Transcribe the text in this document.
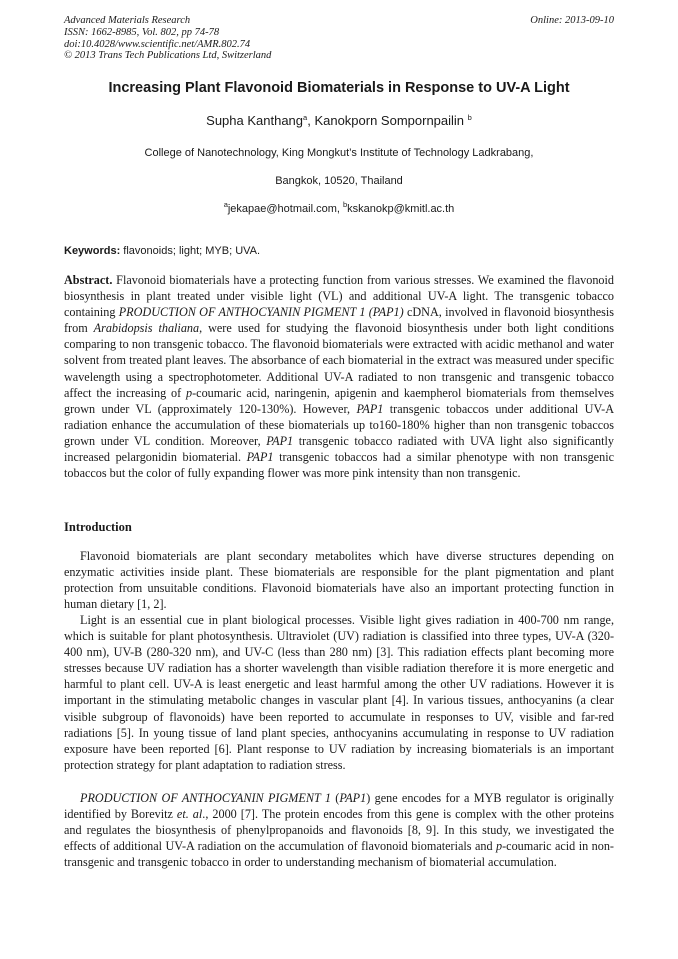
Advanced Materials Research
ISSN: 1662-8985, Vol. 802, pp 74-78
doi:10.4028/www.scientific.net/AMR.802.74
© 2013 Trans Tech Publications Ltd, Switzerland
Online: 2013-09-10
Increasing Plant Flavonoid Biomaterials in Response to UV-A Light
Supha Kanthang$^a$, Kanokporn Sompornpailin $^b$
College of Nanotechnology, King Mongkut’s Institute of Technology Ladkrabang,
Bangkok, 10520, Thailand
$^a$jekapae@hotmail.com, $^b$kskanokp@kmitl.ac.th
Keywords: flavonoids; light; MYB; UVA.

Abstract. Flavonoid biomaterials have a protecting function from various stresses. We examined the flavonoid biosynthesis in plant treated under visible light (VL) and additional UV-A light. The transgenic tobacco containing PRODUCTION OF ANTHOCYANIN PIGMENT 1 (PAP1) cDNA, involved in flavonoid biosynthesis from Arabidopsis thaliana, were used for studying the flavonoid biosynthesis under both light conditions comparing to non transgenic tobacco. The flavonoid biomaterials were extracted with acidic methanol and water solvent from treated plant leaves. The absorbance of each biomaterial in the extract was measured under specific wavelength using a spectrophotometer. Additional UV-A radiated to non transgenic and transgenic tobacco affect the increasing of p-coumaric acid, naringenin, apigenin and kaempherol biomaterials from themselves grown under VL (approximately 120-130%). However, PAP1 transgenic tobaccos under additional UV-A radiation enhance the accumulation of these biomaterials up to160-180% higher than non transgenic tobaccos grown under VL condition. Moreover, PAP1 transgenic tobacco radiated with UVA light also significantly increased pelargonidin biomaterial. PAP1 transgenic tobaccos had a similar phenotype with non transgenic tobaccos but the color of fully expanding flower was more pink intensity than non transgenic.

Introduction

Flavonoid biomaterials are plant secondary metabolites which have diverse structures depending on enzymatic activities inside plant. These biomaterials are responsible for the plant pigmentation and plant protection from unsuitable conditions. Flavonoid biomaterials have also an important protecting function in human dietary [1, 2].

Light is an essential cue in plant biological processes. Visible light gives radiation in 400-700 nm range, which is suitable for plant photosynthesis. Ultraviolet (UV) radiation is classified into three types, UV-A (320-400 nm), UV-B (280-320 nm), and UV-C (less than 280 nm) [3]. This radiation effects plant becoming more stresses because UV radiation has a shorter wavelength than visible radiation therefore it is more energetic and harmful to plant cell. UV-A is least energetic and least harmful among the other UV radiations. However it is important in the stimulating metabolic changes in vascular plant [4]. In various tissues, anthocyanins (a clear visible subgroup of flavonoids) have been reported to accumulate in responses to UV, visible and far-red radiations [5]. In young tissue of land plant species, anthocyanins accumulating in response to UV radiation exposure have been reported [6]. Plant response to UV radiation by increasing biomaterials is an important protection strategy for plant adaptation to radiation stress.

PRODUCTION OF ANTHOCYANIN PIGMENT 1 (PAP1) gene encodes for a MYB regulator is originally identified by Borevitz et. al., 2000 [7]. The protein encodes from this gene is complex with the other proteins and regulates the biosynthesis of phenylpropanoids and flavonoids [8, 9]. In this study, we investigated the effects of additional UV-A radiation on the accumulation of flavonoid biomaterials and p-coumaric acid in non-transgenic and transgenic tobacco in order to understanding mechanism of biomaterial accumulation.
